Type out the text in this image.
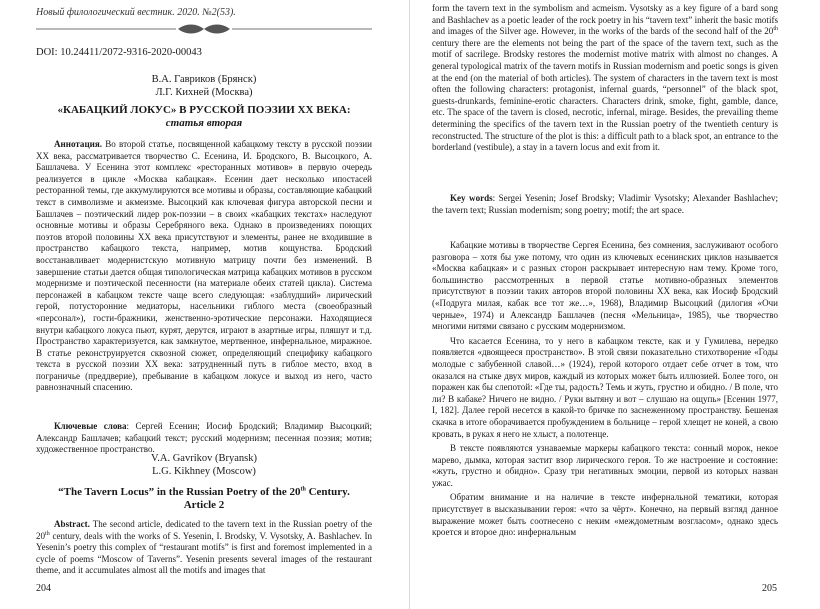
Новый филологический вестник. 2020. №2(53).
DOI: 10.24411/2072-9316-2020-00043
В.А. Гавриков (Брянск)
Л.Г. Кихней (Москва)
«КАБАЦКИЙ ЛОКУС» В РУССКОЙ ПОЭЗИИ XX ВЕКА:
статья вторая

Аннотация. Во второй статье, посвященной кабацкому тексту в русской поэзии XX века, рассматривается творчество С. Есенина, И. Бродского, В. Высоцкого, А. Башлачева. У Есенина этот комплекс «ресторанных мотивов» в первую очередь реализуется в цикле «Москва кабацкая». Есенин дает несколько ипостасей ресторанной темы, где аккумулируются все мотивы и образы, составляющие кабацкий текст в символизме и акмеизме. Высоцкий как ключевая фигура авторской песни и Башлачев – поэтический лидер рок-поэзии – в своих «кабацких текстах» наследуют основные мотивы и образы Серебряного века. Однако в произведениях поющих поэтов второй половины XX века присутствуют и элементы, ранее не входившие в пространство кабацкого текста, например, мотив кощунства. Бродский восстанавливает модернистскую мотивную матрицу почти без изменений. В завершение статьи дается общая типологическая матрица кабацких мотивов в русском модернизме и поэтической песенности (на материале обеих статей цикла). Система персонажей в кабацком тексте чаще всего следующая: «заблудший» лирический герой, потусторонние медиаторы, насельники гиблого места (своеобразный «персонал»), гости-бражники, женственно-эротические персонажи. Находящиеся внутри кабацкого локуса пьют, курят, дерутся, играют в азартные игры, пляшут и т.д. Пространство характеризуется, как замкнутое, мертвенное, инфернальное, миражное. В статье реконструируется сквозной сюжет, определяющий специфику кабацкого текста в русской поэзии XX века: затрудненный путь в гиблое место, вход в пограничье (преддверие), пребывание в кабацком локусе и выход из него, часто равнозначный спасению.

Ключевые слова: Сергей Есенин; Иосиф Бродский; Владимир Высоцкий; Александр Башлачев; кабацкий текст; русский модернизм; песенная поэзия; мотив; художественное пространство.

V.A. Gavrikov (Bryansk)
L.G. Kikhney (Moscow)
“The Tavern Locus” in the Russian Poetry of the 20th Century.
Article 2

Abstract. The second article, dedicated to the tavern text in the Russian poetry of the 20th century, deals with the works of S. Yesenin, I. Brodsky, V. Vysotsky, A. Bashlachev. In Yesenin’s poetry this complex of “restaurant motifs” is first and foremost implemented in a cycle of poems “Moscow of Taverns”. Yesenin presents several images of the restaurant theme, and it accumulates almost all the motifs and images that

204

form the tavern text in the symbolism and acmeism. Vysotsky as a key figure of a bard song and Bashlachev as a poetic leader of the rock poetry in his “tavern text” inherit the basic motifs and images of the Silver age. However, in the works of the bards of the second half of the 20th century there are the elements not being the part of the space of the tavern text, such as the motif of sacrilege. Brodsky restores the modernist motive matrix with almost no changes. A general typological matrix of the tavern motifs in Russian modernism and poetic songs is given at the end (on the material of both articles). The system of characters in the tavern text is most often the following characters: protagonist, infernal guards, “personnel” of the black spot, guests-drunkards, feminine-erotic characters. Characters drink, smoke, fight, gamble, dance, etc. The space of the tavern is closed, necrotic, infernal, mirage. Besides, the prevailing theme determining the specifics of the tavern text in the Russian poetry of the twentieth century is reconstructed. The structure of the plot is this: a difficult path to a black spot, an entrance to the borderland (vestibule), a stay in a tavern locus and exit from it.

Key words: Sergei Yesenin; Josef Brodsky; Vladimir Vysotsky; Alexander Bashlachev; the tavern text; Russian modernism; song poetry; motif; the art space.

Кабацкие мотивы в творчестве Сергея Есенина, без сомнения, заслуживают особого разговора – хотя бы уже потому, что один из ключевых есенинских циклов называется «Москва кабацкая» и с разных сторон раскрывает интересную нам тему. Кроме того, большинство рассмотренных в первой статье мотивно-образных элементов присутствуют в поэзии таких авторов второй половины XX века, как Иосиф Бродский («Подруга милая, кабак все тот же…», 1968), Владимир Высоцкий (дилогия «Очи черные», 1974) и Александр Башлачев (песня «Мельница», 1985), чье творчество многими нитями связано с русским модернизмом.

Что касается Есенина, то у него в кабацком тексте, как и у Гумилева, нередко появляется «двоящееся пространство». В этой связи показательно стихотворение «Годы молодые с забубенной славой…» (1924), герой которого отдает себе отчет в том, что оказался на стыке двух миров, каждый из которых может быть иллюзией. Более того, он поражен как бы слепотой: «Где ты, радость? Темь и жуть, грустно и обидно. / В поле, что ли? В кабаке? Ничего не видно. / Руки вытяну и вот – слушаю на ощупь» [Есенин 1977, I, 182]. Далее герой несется в какой-то бричке по заснеженному пространству. Бешеная скачка в итоге оборачивается пробуждением в больнице – герой хлещет не коней, а свою кровать, в руках я него не хлыст, а полотенце.

В тексте появляются узнаваемые маркеры кабацкого текста: сонный морок, некое марево, дымка, которая застит взор лирического героя. То же настроение и состояние: «жуть, грустно и обидно». Сразу три негативных эмоции, первой из которых назван ужас.

Обратим внимание и на наличие в тексте инфернальной тематики, которая присутствует в высказывании героя: «что за чёрт». Конечно, на первый взгляд данное выражение может быть соотнесено с неким «междометным возгласом», однако здесь кроется и второе дно: инфернальным

205
